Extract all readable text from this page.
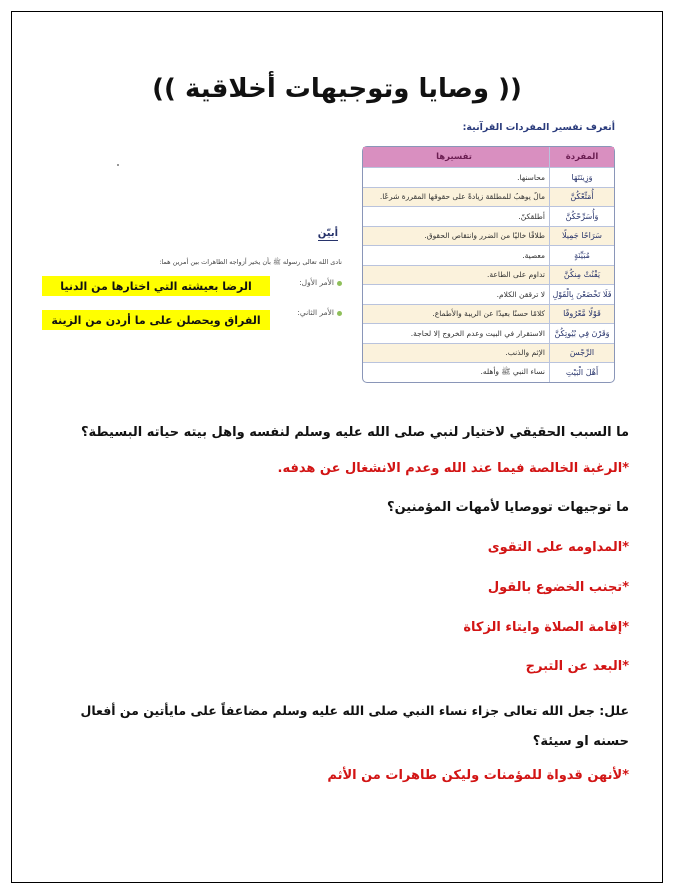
(( وصايا وتوجيهات أخلاقية ))
أتعرف تفسير المفردات القرآنية:
المفردة
تفسيرها
وَزِينَتَهَا
محاسنها.
أُمَتِّعْكُنَّ
مالٌ يوهبُ للمطلقة زيادةً على حقوقها المقررة شرعًا.
وَأُسَرِّحْكُنَّ
أطلقكنّ.
سَرَاحًا جَمِيلًا
طلاقًا خاليًا من الضرر وانتقاص الحقوق.
مُبَيِّنَةٍ
معصية.
يَقْنُتْ مِنكُنَّ
تداوم على الطاعة.
فَلَا تَخْضَعْنَ بِالْقَوْلِ
لا ترققن الكلام.
قَوْلًا مَّعْرُوفًا
كلامًا حسنًا بعيدًا عن الريبة والأطماع.
وَقَرْنَ فِي بُيُوتِكُنَّ
الاستقرار في البيت وعدم الخروج إلا لحاجة.
الرِّجْسَ
الإثم والذنب.
أَهْلَ الْبَيْتِ
نساء النبي ﷺ وأهله.
أبيّن
نادى الله تعالى رسوله ﷺ بأن يخير أزواجه الطاهرات بين أمرين هما:
الأمر الأول:
الأمر الثاني:
الرضا بعيشته التي اختارها من الدنيا
الفراق ويحصلن على ما أردن من الزينة

ما السبب الحقيقي لاختيار لنبي صلى الله عليه وسلم لنفسه واهل بيته حياته البسيطة؟

*الرغبة الخالصة فيما عند الله وعدم الانشغال عن هدفه.

ما توجيهات تووصايا لأمهات المؤمنين؟

*المداومه على التقوى

*تجنب الخضوع بالقول

*إقامة الصلاة وايتاء الزكاة

*البعد عن التبرج

علل: جعل الله تعالى جزاء نساء النبي صلى الله عليه وسلم مضاعفاً على مايأتين من أفعال

حسنه او سيئة؟

*لأنهن قدواة للمؤمنات وليكن طاهرات من الأثم
